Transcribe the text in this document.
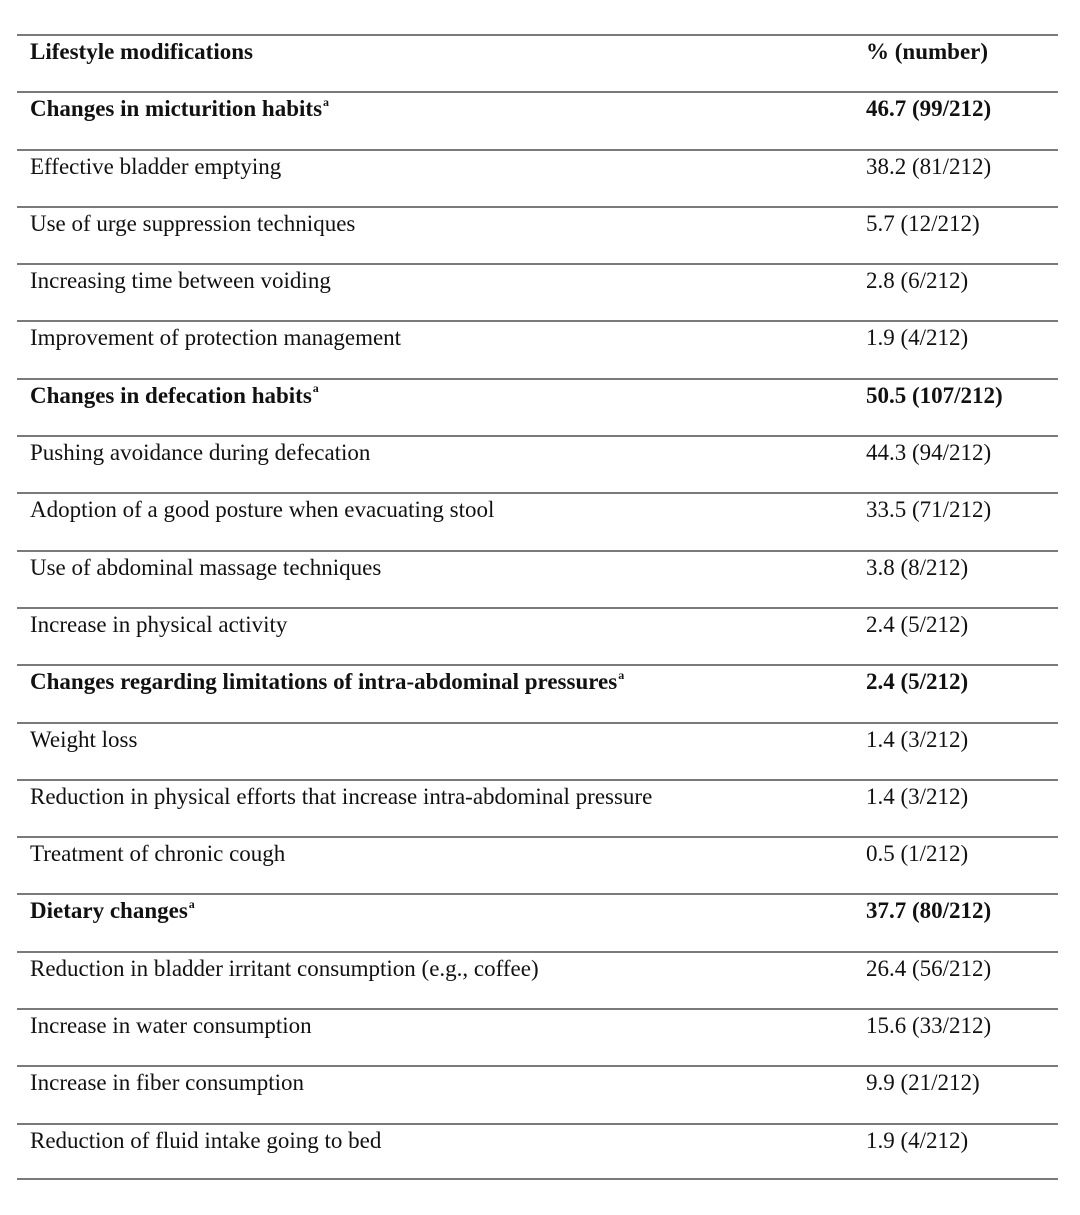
Lifestyle modifications	% (number)
Changes in micturition habits$^a$	46.7 (99/212)
Effective bladder emptying	38.2 (81/212)
Use of urge suppression techniques	5.7 (12/212)
Increasing time between voiding	2.8 (6/212)
Improvement of protection management	1.9 (4/212)
Changes in defecation habits$^a$	50.5 (107/212)
Pushing avoidance during defecation	44.3 (94/212)
Adoption of a good posture when evacuating stool	33.5 (71/212)
Use of abdominal massage techniques	3.8 (8/212)
Increase in physical activity	2.4 (5/212)
Changes regarding limitations of intra-abdominal pressures$^a$	2.4 (5/212)
Weight loss	1.4 (3/212)
Reduction in physical efforts that increase intra-abdominal pressure	1.4 (3/212)
Treatment of chronic cough	0.5 (1/212)
Dietary changes$^a$	37.7 (80/212)
Reduction in bladder irritant consumption (e.g., coffee)	26.4 (56/212)
Increase in water consumption	15.6 (33/212)
Increase in fiber consumption	9.9 (21/212)
Reduction of fluid intake going to bed	1.9 (4/212)
